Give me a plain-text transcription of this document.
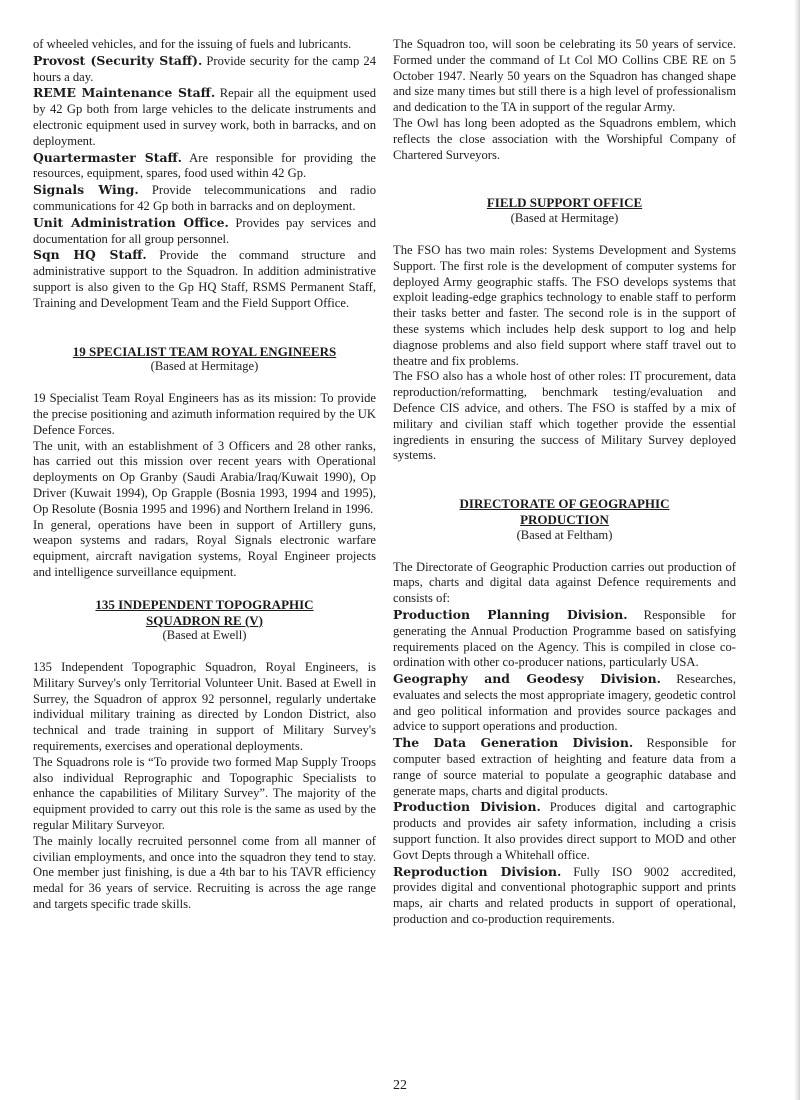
of wheeled vehicles, and for the issuing of fuels and lubricants.

Provost (Security Staff). Provide security for the camp 24 hours a day.

REME Maintenance Staff. Repair all the equipment used by 42 Gp both from large vehicles to the delicate instruments and electronic equipment used in survey work, both in barracks, and on deployment.

Quartermaster Staff. Are responsible for providing the resources, equipment, spares, food used within 42 Gp.

Signals Wing. Provide telecommunications and radio communications for 42 Gp both in barracks and on deployment.

Unit Administration Office. Provides pay services and documentation for all group personnel.

Sqn HQ Staff. Provide the command structure and administrative support to the Squadron. In addition administrative support is also given to the Gp HQ Staff, RSMS Permanent Staff, Training and Development Team and the Field Support Office.

19 SPECIALIST TEAM ROYAL ENGINEERS
(Based at Hermitage)

19 Specialist Team Royal Engineers has as its mission: To provide the precise positioning and azimuth information required by the UK Defence Forces.

The unit, with an establishment of 3 Officers and 28 other ranks, has carried out this mission over recent years with Operational deployments on Op Granby (Saudi Arabia/Iraq/Kuwait 1990), Op Driver (Kuwait 1994), Op Grapple (Bosnia 1993, 1994 and 1995), Op Resolute (Bosnia 1995 and 1996) and Northern Ireland in 1996.

In general, operations have been in support of Artillery guns, weapon systems and radars, Royal Signals electronic warfare equipment, aircraft navigation systems, Royal Engineer projects and intelligence surveillance equipment.

135 INDEPENDENT TOPOGRAPHIC
SQUADRON RE (V)
(Based at Ewell)

135 Independent Topographic Squadron, Royal Engineers, is Military Survey's only Territorial Volunteer Unit. Based at Ewell in Surrey, the Squadron of approx 92 personnel, regularly undertake individual military training as directed by London District, also technical and trade training in support of Military Survey's requirements, exercises and operational deployments.

The Squadrons role is “To provide two formed Map Supply Troops also individual Reprographic and Topographic Specialists to enhance the capabilities of Military Survey”. The majority of the equipment provided to carry out this role is the same as used by the regular Military Surveyor.

The mainly locally recruited personnel come from all manner of civilian employments, and once into the squadron they tend to stay. One member just finishing, is due a 4th bar to his TAVR efficiency medal for 36 years of service. Recruiting is across the age range and targets specific trade skills.

The Squadron too, will soon be celebrating its 50 years of service. Formed under the command of Lt Col MO Collins CBE RE on 5 October 1947. Nearly 50 years on the Squadron has changed shape and size many times but still there is a high level of professionalism and dedication to the TA in support of the regular Army.

The Owl has long been adopted as the Squadrons emblem, which reflects the close association with the Worshipful Company of Chartered Surveyors.

FIELD SUPPORT OFFICE
(Based at Hermitage)

The FSO has two main roles: Systems Development and Systems Support. The first role is the development of computer systems for deployed Army geographic staffs. The FSO develops systems that exploit leading-edge graphics technology to enable staff to perform their tasks better and faster. The second role is in the support of these systems which includes help desk support to log and help diagnose problems and also field support where staff travel out to theatre and fix problems.

The FSO also has a whole host of other roles: IT procurement, data reproduction/reformatting, benchmark testing/evaluation and Defence CIS advice, and others. The FSO is staffed by a mix of military and civilian staff which together provide the essential ingredients in ensuring the success of Military Survey deployed systems.

DIRECTORATE OF GEOGRAPHIC
PRODUCTION
(Based at Feltham)

The Directorate of Geographic Production carries out production of maps, charts and digital data against Defence requirements and consists of:

Production Planning Division. Responsible for generating the Annual Production Programme based on satisfying requirements placed on the Agency. This is compiled in close co-ordination with other co-producer nations, particularly USA.

Geography and Geodesy Division. Researches, evaluates and selects the most appropriate imagery, geodetic control and geo political information and provides source packages and advice to support operations and production.

The Data Generation Division. Responsible for computer based extraction of heighting and feature data from a range of source material to populate a geographic database and generate maps, charts and digital products.

Production Division. Produces digital and cartographic products and provides air safety information, including a crisis support function. It also provides direct support to MOD and other Govt Depts through a Whitehall office.

Reproduction Division. Fully ISO 9002 accredited, provides digital and conventional photographic support and prints maps, air charts and related products in support of operational, production and co-production requirements.

22
